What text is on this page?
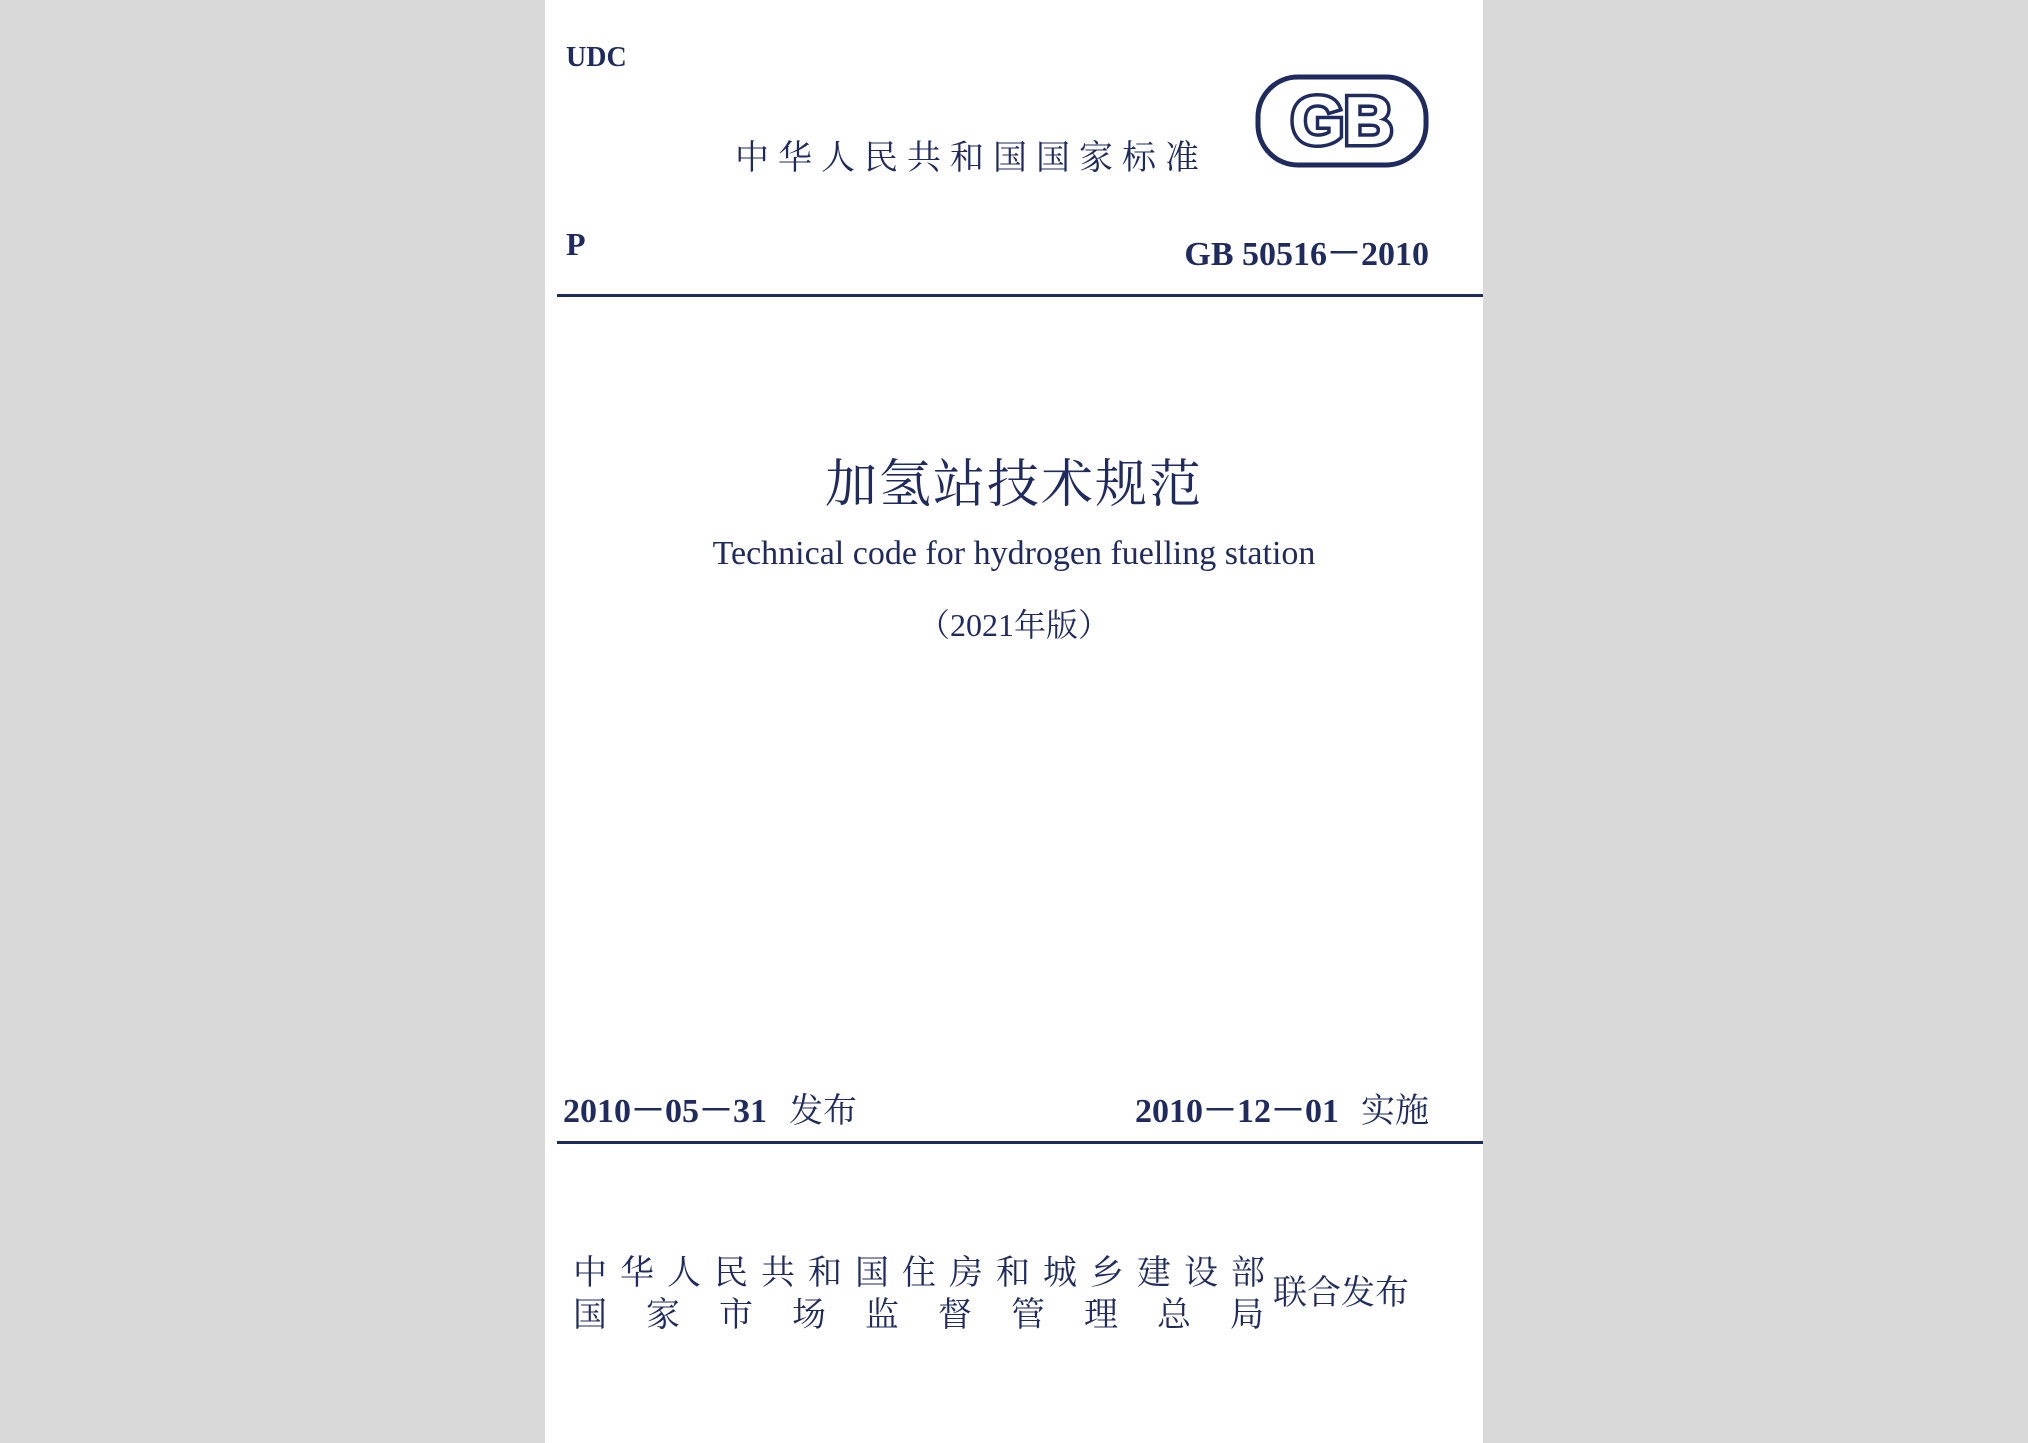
UDC
中华人民共和国国家标准 GB
P	GB 50516－2010
加氢站技术规范
Technical code for hydrogen fuelling station
（2021年版）
2010－05－31 发布	2010－12－01 实施
中华人民共和国住房和城乡建设部
国家市场监督管理总局
联合发布
